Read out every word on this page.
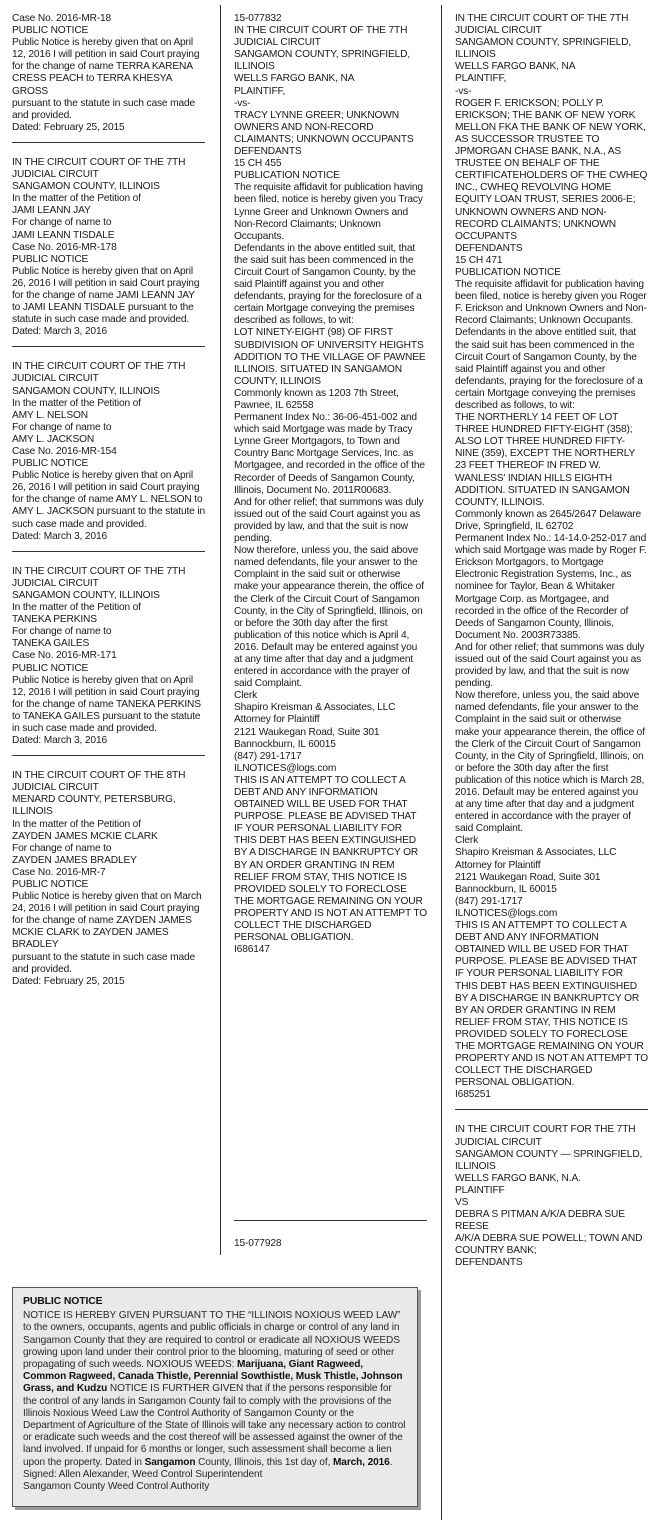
Case No. 2016-MR-18
PUBLIC NOTICE
Public Notice is hereby given that on April 12, 2016 I will petition in said Court praying for the change of name TERRA KARENA CRESS PEACH to TERRA KHESYA GROSS
pursuant to the statute in such case made and provided.
Dated: February 25, 2015

IN THE CIRCUIT COURT OF THE 7TH JUDICIAL CIRCUIT
SANGAMON COUNTY, ILLINOIS
In the matter of the Petition of
JAMI LEANN JAY
For change of name to
JAMI LEANN TISDALE
Case No. 2016-MR-178
PUBLIC NOTICE
Public Notice is hereby given that on April 26, 2016 I will petition in said Court praying for the change of name JAMI LEANN JAY to JAMI LEANN TISDALE pursuant to the statute in such case made and provided.
Dated: March 3, 2016

IN THE CIRCUIT COURT OF THE 7TH JUDICIAL CIRCUIT
SANGAMON COUNTY, ILLINOIS
In the matter of the Petition of
AMY L. NELSON
For change of name to
AMY L. JACKSON
Case No. 2016-MR-154
PUBLIC NOTICE
Public Notice is hereby given that on April 26, 2016 I will petition in said Court praying for the change of name AMY L. NELSON to AMY L. JACKSON pursuant to the statute in such case made and provided.
Dated: March 3, 2016

IN THE CIRCUIT COURT OF THE 7TH JUDICIAL CIRCUIT
SANGAMON COUNTY, ILLINOIS
In the matter of the Petition of
TANEKA PERKINS
For change of name to
TANEKA GAILES
Case No. 2016-MR-171
PUBLIC NOTICE
Public Notice is hereby given that on April 12, 2016 I will petition in said Court praying for the change of name TANEKA PERKINS to TANEKA GAILES pursuant to the statute in such case made and provided.
Dated: March 3, 2016

IN THE CIRCUIT COURT OF THE 8TH JUDICIAL CIRCUIT
MENARD COUNTY, PETERSBURG, ILLINOIS
In the matter of the Petition of
ZAYDEN JAMES MCKIE CLARK
For change of name to
ZAYDEN JAMES BRADLEY
Case No. 2016-MR-7
PUBLIC NOTICE
Public Notice is hereby given that on March 24, 2016 I will petition in said Court praying for the change of name ZAYDEN JAMES MCKIE CLARK to ZAYDEN JAMES BRADLEY
pursuant to the statute in such case made and provided.
Dated: February 25, 2015

15-077832
IN THE CIRCUIT COURT OF THE 7TH JUDICIAL CIRCUIT
SANGAMON COUNTY, SPRINGFIELD, ILLINOIS
WELLS FARGO BANK, NA
PLAINTIFF,
-vs-
TRACY LYNNE GREER; UNKNOWN OWNERS AND NON-RECORD CLAIMANTS; UNKNOWN OCCUPANTS
DEFENDANTS
15 CH 455
PUBLICATION NOTICE
The requisite affidavit for publication having been filed, notice is hereby given you Tracy Lynne Greer and Unknown Owners and Non-Record Claimants; Unknown Occupants.
Defendants in the above entitled suit, that the said suit has been commenced in the Circuit Court of Sangamon County, by the said Plaintiff against you and other defendants, praying for the foreclosure of a certain Mortgage conveying the premises described as follows, to wit:
LOT NINETY-EIGHT (98) OF FIRST SUBDIVISION OF UNIVERSITY HEIGHTS ADDITION TO THE VILLAGE OF PAWNEE ILLINOIS. SITUATED IN SANGAMON COUNTY, ILLINOIS
Commonly known as 1203 7th Street, Pawnee, IL 62558
Permanent Index No.: 36-06-451-002 and which said Mortgage was made by Tracy Lynne Greer Mortgagors, to Town and Country Banc Mortgage Services, Inc. as Mortgagee, and recorded in the office of the Recorder of Deeds of Sangamon County, Illinois, Document No. 2011R00683.
And for other relief; that summons was duly issued out of the said Court against you as provided by law, and that the suit is now pending.
Now therefore, unless you, the said above named defendants, file your answer to the Complaint in the said suit or otherwise make your appearance therein, the office of the Clerk of the Circuit Court of Sangamon County, in the City of Springfield, Illinois, on or before the 30th day after the first publication of this notice which is April 4, 2016. Default may be entered against you at any time after that day and a judgment entered in accordance with the prayer of said Complaint.
Clerk
Shapiro Kreisman & Associates, LLC
Attorney for Plaintiff
2121 Waukegan Road, Suite 301
Bannockburn, IL 60015
(847) 291-1717
ILNOTICES@logs.com
THIS IS AN ATTEMPT TO COLLECT A DEBT AND ANY INFORMATION OBTAINED WILL BE USED FOR THAT PURPOSE. PLEASE BE ADVISED THAT IF YOUR PERSONAL LIABILITY FOR THIS DEBT HAS BEEN EXTINGUISHED BY A DISCHARGE IN BANKRUPTCY OR BY AN ORDER GRANTING IN REM RELIEF FROM STAY, THIS NOTICE IS PROVIDED SOLELY TO FORECLOSE THE MORTGAGE REMAINING ON YOUR PROPERTY AND IS NOT AN ATTEMPT TO COLLECT THE DISCHARGED PERSONAL OBLIGATION.
I686147

15-077928

IN THE CIRCUIT COURT OF THE 7TH JUDICIAL CIRCUIT
SANGAMON COUNTY, SPRINGFIELD, ILLINOIS
WELLS FARGO BANK, NA
PLAINTIFF,
-vs-
ROGER F. ERICKSON; POLLY P. ERICKSON; THE BANK OF NEW YORK MELLON FKA THE BANK OF NEW YORK, AS SUCCESSOR TRUSTEE TO JPMORGAN CHASE BANK, N.A., AS TRUSTEE ON BEHALF OF THE CERTIFICATEHOLDERS OF THE CWHEQ INC., CWHEQ REVOLVING HOME EQUITY LOAN TRUST, SERIES 2006-E; UNKNOWN OWNERS AND NON-RECORD CLAIMANTS; UNKNOWN OCCUPANTS
DEFENDANTS
15 CH 471
PUBLICATION NOTICE
The requisite affidavit for publication having been filed, notice is hereby given you Roger F. Erickson and Unknown Owners and Non-Record Claimants; Unknown Occupants.
Defendants in the above entitled suit, that the said suit has been commenced in the Circuit Court of Sangamon County, by the said Plaintiff against you and other defendants, praying for the foreclosure of a certain Mortgage conveying the premises described as follows, to wit:
THE NORTHERLY 14 FEET OF LOT THREE HUNDRED FIFTY-EIGHT (358); ALSO LOT THREE HUNDRED FIFTY-NINE (359), EXCEPT THE NORTHERLY 23 FEET THEREOF IN FRED W. WANLESS' INDIAN HILLS EIGHTH ADDITION. SITUATED IN SANGAMON COUNTY, ILLINOIS.
Commonly known as 2645/2647 Delaware Drive, Springfield, IL 62702
Permanent Index No.: 14-14.0-252-017 and which said Mortgage was made by Roger F. Erickson Mortgagors, to Mortgage Electronic Registration Systems, Inc., as nominee for Taylor, Bean & Whitaker Mortgage Corp. as Mortgagee, and recorded in the office of the Recorder of Deeds of Sangamon County, Illinois, Document No. 2003R73385.
And for other relief; that summons was duly issued out of the said Court against you as provided by law, and that the suit is now pending.
Now therefore, unless you, the said above named defendants, file your answer to the Complaint in the said suit or otherwise make your appearance therein, the office of the Clerk of the Circuit Court of Sangamon County, in the City of Springfield, Illinois, on or before the 30th day after the first publication of this notice which is March 28, 2016. Default may be entered against you at any time after that day and a judgment entered in accordance with the prayer of said Complaint.
Clerk
Shapiro Kreisman & Associates, LLC
Attorney for Plaintiff
2121 Waukegan Road, Suite 301
Bannockburn, IL 60015
(847) 291-1717
ILNOTICES@logs.com
THIS IS AN ATTEMPT TO COLLECT A DEBT AND ANY INFORMATION OBTAINED WILL BE USED FOR THAT PURPOSE. PLEASE BE ADVISED THAT IF YOUR PERSONAL LIABILITY FOR THIS DEBT HAS BEEN EXTINGUISHED BY A DISCHARGE IN BANKRUPTCY OR BY AN ORDER GRANTING IN REM RELIEF FROM STAY, THIS NOTICE IS PROVIDED SOLELY TO FORECLOSE THE MORTGAGE REMAINING ON YOUR PROPERTY AND IS NOT AN ATTEMPT TO COLLECT THE DISCHARGED PERSONAL OBLIGATION.
I685251

IN THE CIRCUIT COURT FOR THE 7TH JUDICIAL CIRCUIT
SANGAMON COUNTY — SPRINGFIELD, ILLINOIS
WELLS FARGO BANK, N.A.
PLAINTIFF
VS
DEBRA S PITMAN A/K/A DEBRA SUE REESE
A/K/A DEBRA SUE POWELL; TOWN AND COUNTRY BANK;
DEFENDANTS

PUBLIC NOTICE
NOTICE IS HEREBY GIVEN PURSUANT TO THE “ILLINOIS NOXIOUS WEED LAW” to the owners, occupants, agents and public officials in charge or control of any land in Sangamon County that they are required to control or eradicate all NOXIOUS WEEDS growing upon land under their control prior to the blooming, maturing of seed or other propagating of such weeds. NOXIOUS WEEDS: Marijuana, Giant Ragweed, Common Ragweed, Canada Thistle, Perennial Sowthistle, Musk Thistle, Johnson Grass, and Kudzu NOTICE IS FURTHER GIVEN that if the persons responsible for the control of any lands in Sangamon County fail to comply with the provisions of the Illinois Noxious Weed Law the Control Authority of Sangamon County or the Department of Agriculture of the State of Illinois will take any necessary action to control or eradicate such weeds and the cost thereof will be assessed against the owner of the land involved. If unpaid for 6 months or longer, such assessment shall become a lien upon the property. Dated in Sangamon County, Illinois, this 1st day of, March, 2016.
Signed: Allen Alexander, Weed Control Superintendent
Sangamon County Weed Control Authority
